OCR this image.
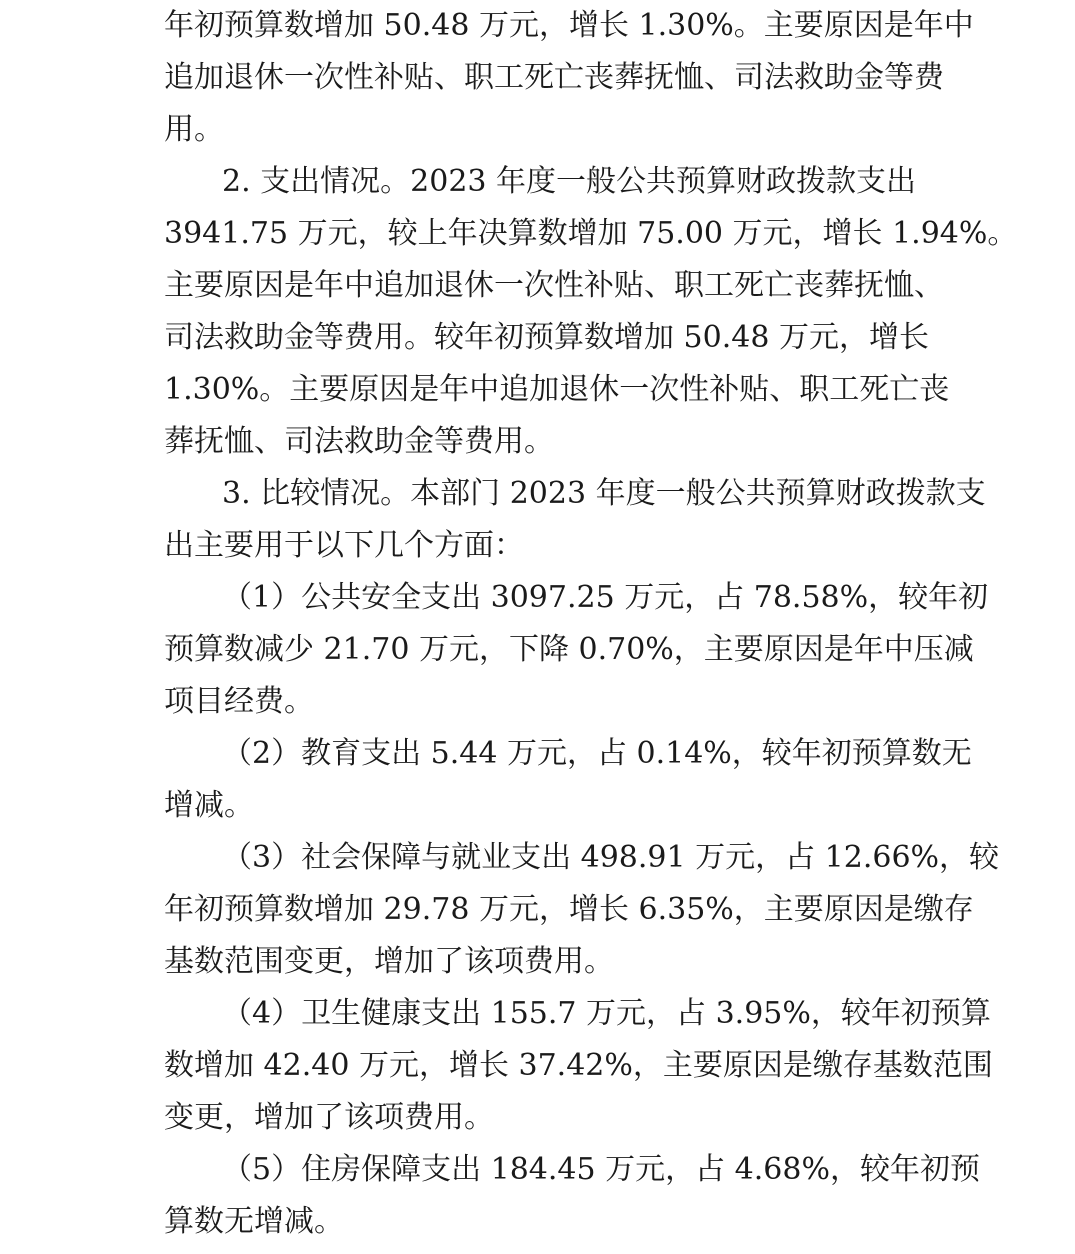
年初预算数增加 50.48 万元，增长 1.30%。主要原因是年中
追加退休一次性补贴、职工死亡丧葬抚恤、司法救助金等费
用。
2. 支出情况。2023 年度一般公共预算财政拨款支出
3941.75 万元，较上年决算数增加 75.00 万元，增长 1.94%。
主要原因是年中追加退休一次性补贴、职工死亡丧葬抚恤、
司法救助金等费用。较年初预算数增加 50.48 万元，增长
1.30%。主要原因是年中追加退休一次性补贴、职工死亡丧
葬抚恤、司法救助金等费用。
3. 比较情况。本部门 2023 年度一般公共预算财政拨款支
出主要用于以下几个方面：
（1）公共安全支出 3097.25 万元，占 78.58%，较年初
预算数减少 21.70 万元，下降 0.70%，主要原因是年中压减
项目经费。
（2）教育支出 5.44 万元，占 0.14%，较年初预算数无
增减。
（3）社会保障与就业支出 498.91 万元，占 12.66%，较
年初预算数增加 29.78 万元，增长 6.35%，主要原因是缴存
基数范围变更，增加了该项费用。
（4）卫生健康支出 155.7 万元，占 3.95%，较年初预算
数增加 42.40 万元，增长 37.42%，主要原因是缴存基数范围
变更，增加了该项费用。
（5）住房保障支出 184.45 万元，占 4.68%，较年初预
算数无增减。
